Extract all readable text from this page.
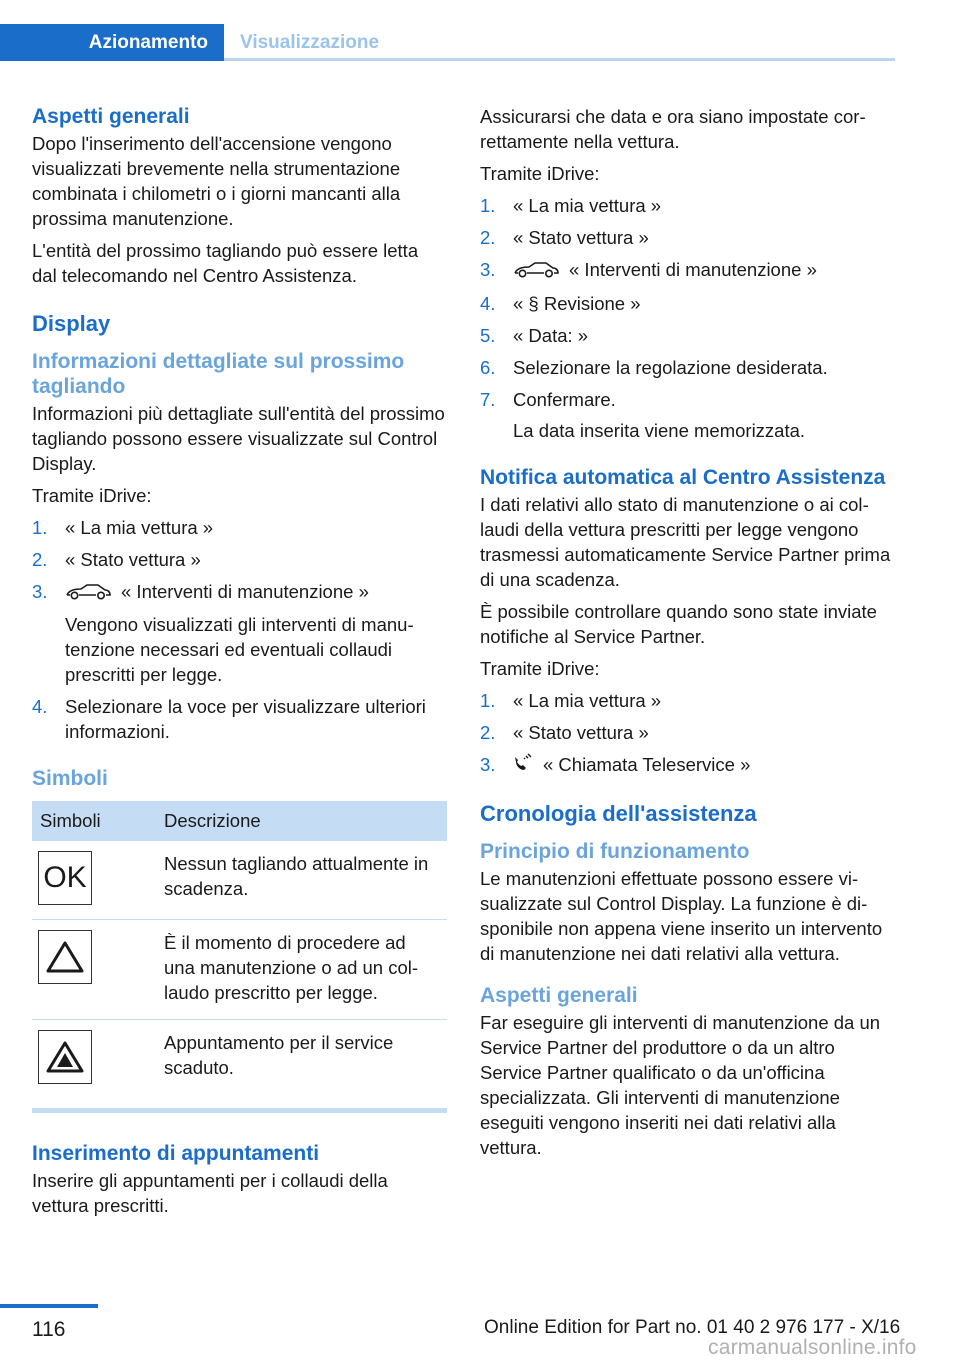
Azionamento	Visualizzazione
Aspetti generali

Dopo l'inserimento dell'accensione vengono visualizzati brevemente nella strumentazione combinata i chilometri o i giorni mancanti alla prossima manutenzione.

L'entità del prossimo tagliando può essere letta dal telecomando nel Centro Assistenza.

Display
Informazioni dettagliate sul prossimo tagliando

Informazioni più dettagliate sull'entità del prossimo tagliando possono essere visualizzate sul Control Display.

Tramite iDrive:

1. « La mia vettura »
2. « Stato vettura »
3.	« Interventi di manutenzione »
Vengono visualizzati gli interventi di manutenzione necessari ed eventuali collaudi prescritti per legge.
4. Selezionare la voce per visualizzare ulteriori informazioni.
Simboli
Simboli	Descrizione

OK	Nessun tagliando attualmente in scadenza.

	È il momento di procedere ad una manutenzione o ad un collaudo prescritto per legge.

	Appuntamento per il service scaduto.
Inserimento di appuntamenti

Inserire gli appuntamenti per i collaudi della vettura prescritti.

Assicurarsi che data e ora siano impostate correttamente nella vettura.

Tramite iDrive:

1. « La mia vettura »
2. « Stato vettura »
3.	« Interventi di manutenzione »
4. « § Revisione »
5. « Data: »
6. Selezionare la regolazione desiderata.
7. Confermare.
La data inserita viene memorizzata.
Notifica automatica al Centro Assistenza

I dati relativi allo stato di manutenzione o ai collaudi della vettura prescritti per legge vengono trasmessi automaticamente Service Partner prima di una scadenza.

È possibile controllare quando sono state inviate notifiche al Service Partner.

Tramite iDrive:

1. « La mia vettura »
2. « Stato vettura »
3.	« Chiamata Teleservice »
Cronologia dell'assistenza
Principio di funzionamento

Le manutenzioni effettuate possono essere visualizzate sul Control Display. La funzione è disponibile non appena viene inserito un intervento di manutenzione nei dati relativi alla vettura.

Aspetti generali

Far eseguire gli interventi di manutenzione da un Service Partner del produttore o da un altro Service Partner qualificato o da un'officina specializzata. Gli interventi di manutenzione eseguiti vengono inseriti nei dati relativi alla vettura.

116	Online Edition for Part no. 01 40 2 976 177 - X/16
carmanualsonline.info
